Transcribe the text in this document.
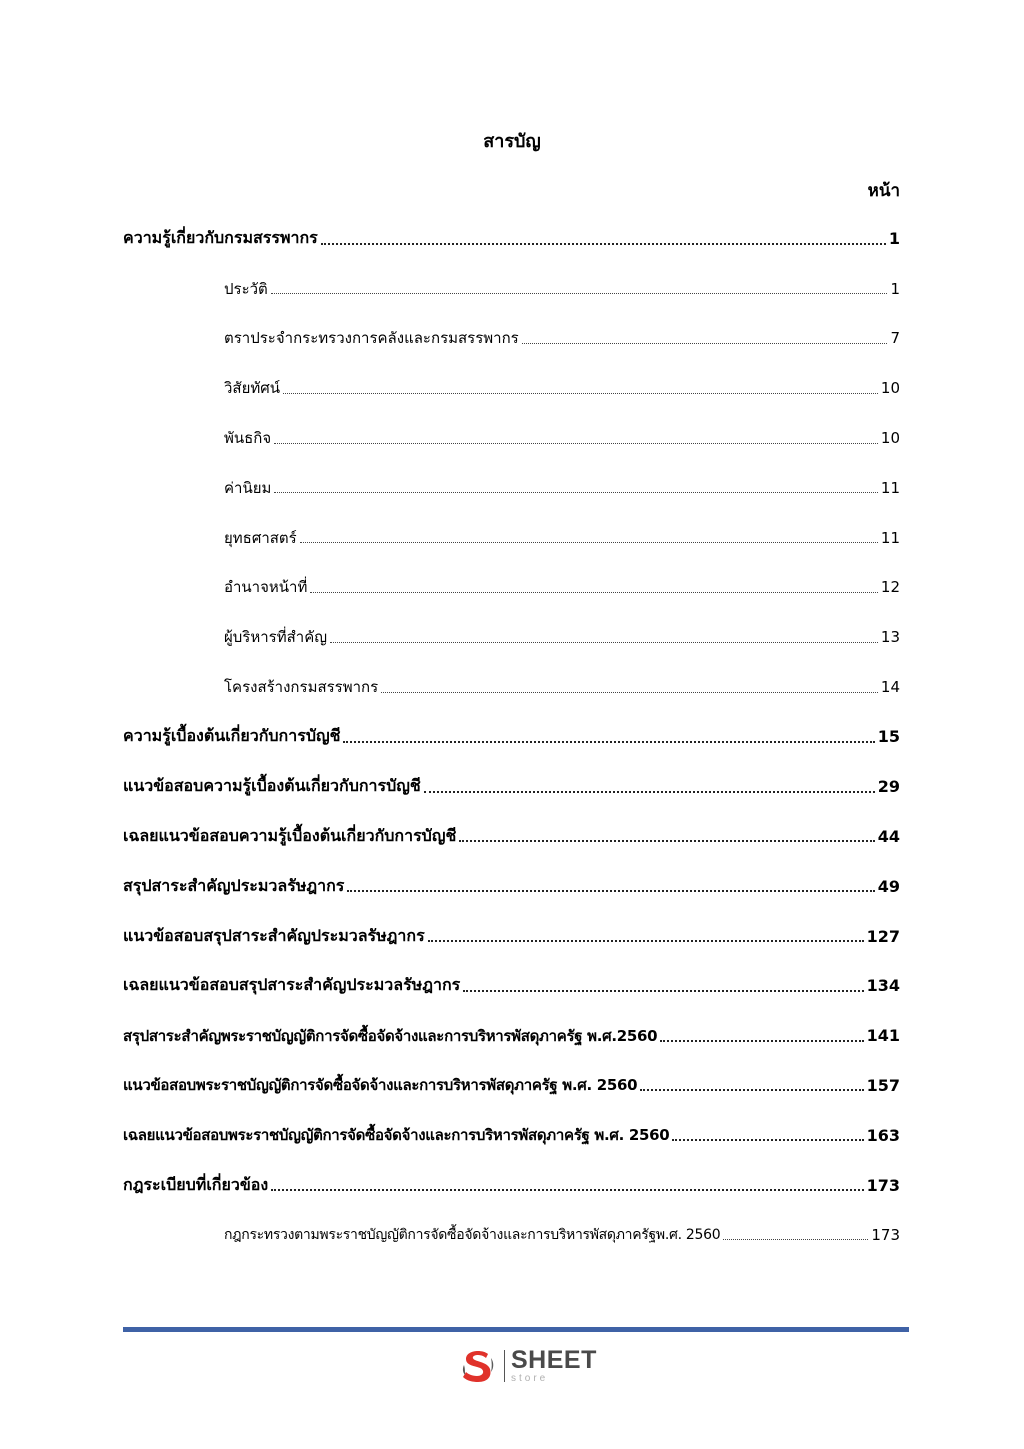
สารบัญ
หน้า
ความรู้เกี่ยวกับกรมสรรพากร	1
ประวัติ	1
ตราประจำกระทรวงการคลังและกรมสรรพากร	7
วิสัยทัศน์	10
พันธกิจ	10
ค่านิยม	11
ยุทธศาสตร์	11
อำนาจหน้าที่	12
ผู้บริหารที่สำคัญ	13
โครงสร้างกรมสรรพากร	14
ความรู้เบื้องต้นเกี่ยวกับการบัญชี	15
แนวข้อสอบความรู้เบื้องต้นเกี่ยวกับการบัญชี	29
เฉลยแนวข้อสอบความรู้เบื้องต้นเกี่ยวกับการบัญชี	44
สรุปสาระสำคัญประมวลรัษฎากร	49
แนวข้อสอบสรุปสาระสำคัญประมวลรัษฎากร	127
เฉลยแนวข้อสอบสรุปสาระสำคัญประมวลรัษฎากร	134
สรุปสาระสำคัญพระราชบัญญัติการจัดซื้อจัดจ้างและการบริหารพัสดุภาครัฐ พ.ศ.2560	141
แนวข้อสอบพระราชบัญญัติการจัดซื้อจัดจ้างและการบริหารพัสดุภาครัฐ พ.ศ. 2560	157
เฉลยแนวข้อสอบพระราชบัญญัติการจัดซื้อจัดจ้างและการบริหารพัสดุภาครัฐ พ.ศ. 2560	163
กฎระเบียบที่เกี่ยวข้อง	173
กฎกระทรวงตามพระราชบัญญัติการจัดซื้อจัดจ้างและการบริหารพัสดุภาครัฐพ.ศ. 2560	173
SHEET
store
